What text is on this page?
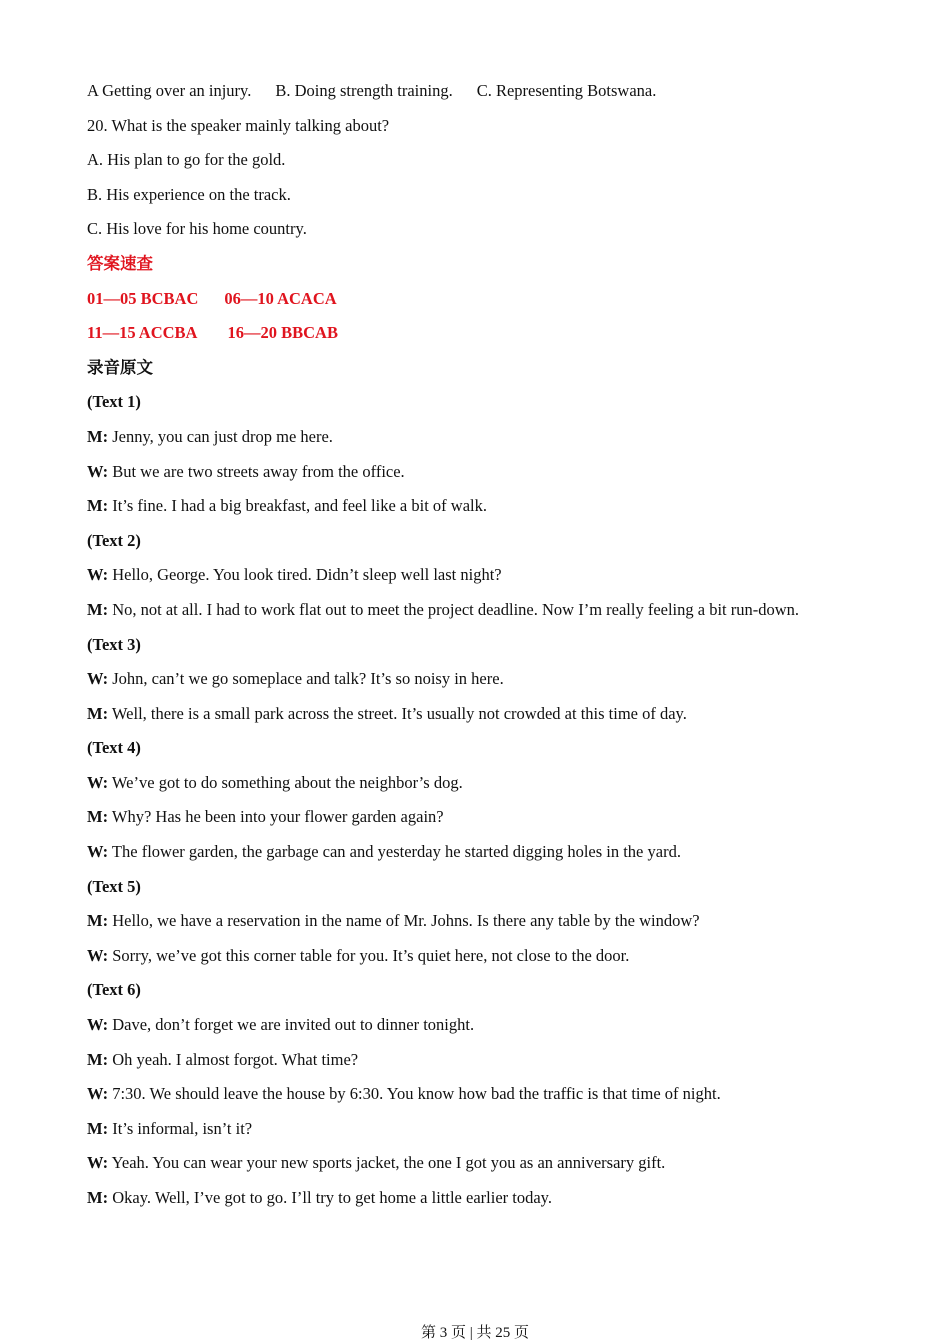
A Getting over an injury. B. Doing strength training. C. Representing Botswana.
20. What is the speaker mainly talking about?
A. His plan to go for the gold.
B. His experience on the track.
C. His love for his home country.
答案速查
01—05 BCBAC 06—10 ACACA
11—15 ACCBA 16—20 BBCAB
录音原文
(Text 1)
M: Jenny, you can just drop me here.
W: But we are two streets away from the office.
M: It’s fine. I had a big breakfast, and feel like a bit of walk.
(Text 2)
W: Hello, George. You look tired. Didn’t sleep well last night?
M: No, not at all. I had to work flat out to meet the project deadline. Now I’m really feeling a bit run-down.
(Text 3)
W: John, can’t we go someplace and talk? It’s so noisy in here.
M: Well, there is a small park across the street. It’s usually not crowded at this time of day.
(Text 4)
W: We’ve got to do something about the neighbor’s dog.
M: Why? Has he been into your flower garden again?
W: The flower garden, the garbage can and yesterday he started digging holes in the yard.
(Text 5)
M: Hello, we have a reservation in the name of Mr. Johns. Is there any table by the window?
W: Sorry, we’ve got this corner table for you. It’s quiet here, not close to the door.
(Text 6)
W: Dave, don’t forget we are invited out to dinner tonight.
M: Oh yeah. I almost forgot. What time?
W: 7:30. We should leave the house by 6:30. You know how bad the traffic is that time of night.
M: It’s informal, isn’t it?
W: Yeah. You can wear your new sports jacket, the one I got you as an anniversary gift.
M: Okay. Well, I’ve got to go. I’ll try to get home a little earlier today.
第 3 页 | 共 25 页
